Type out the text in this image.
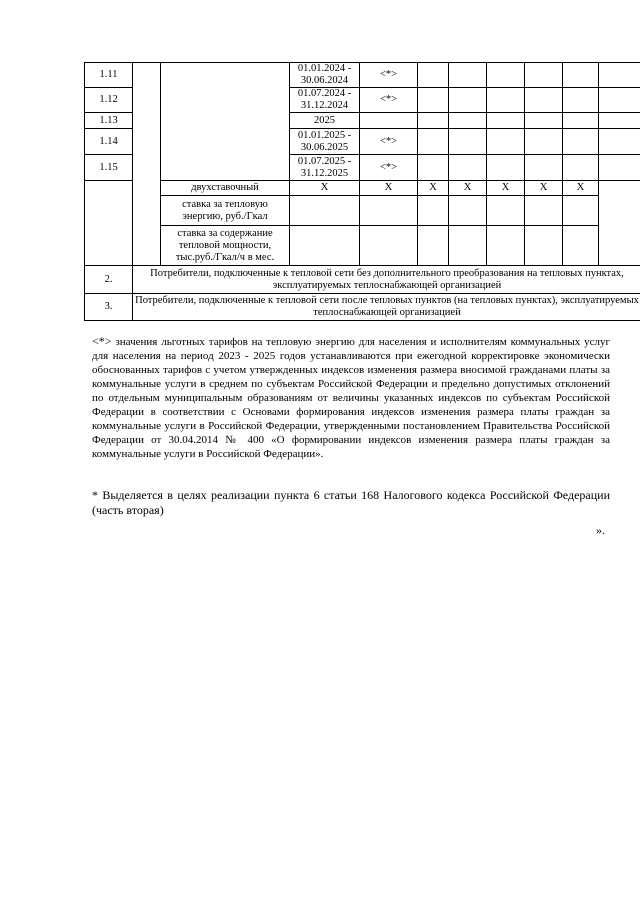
1.11			01.01.2024 - 30.06.2024	<*>						
1.12			01.07.2024 - 31.12.2024	<*>						
1.13			2025							
1.14			01.01.2025 - 30.06.2025	<*>						
1.15			01.07.2025 - 31.12.2025	<*>						
		двухставочный	X	X	X	X	X	X	X	
		ставка за тепловую энергию, руб./Гкал								
		ставка за содержание тепловой мощности, тыс.руб./Гкал/ч в мес.								
2.	Потребители, подключенные к тепловой сети без дополнительного преобразования на тепловых пунктах, эксплуатируемых теплоснабжающей организацией									
3.	Потребители, подключенные к тепловой сети после тепловых пунктов (на тепловых пунктах), эксплуатируемых теплоснабжающей организацией									

<*> значения льготных тарифов на тепловую энергию для населения и исполнителям коммунальных услуг для населения на период 2023 - 2025 годов устанавливаются при ежегодной корректировке экономически обоснованных тарифов с учетом утвержденных индексов изменения размера вносимой гражданами платы за коммунальные услуги в среднем по субъектам Российской Федерации и предельно допустимых отклонений по отдельным муниципальным образованиям от величины указанных индексов по субъектам Российской Федерации в соответствии с Основами формирования индексов изменения размера платы граждан за коммунальные услуги в Российской Федерации, утвержденными постановлением Правительства Российской Федерации от 30.04.2014 № 400 «О формировании индексов изменения размера платы граждан за коммунальные услуги в Российской Федерации».

* Выделяется в целях реализации пункта 6 статьи 168 Налогового кодекса Российской Федерации (часть вторая)

».
